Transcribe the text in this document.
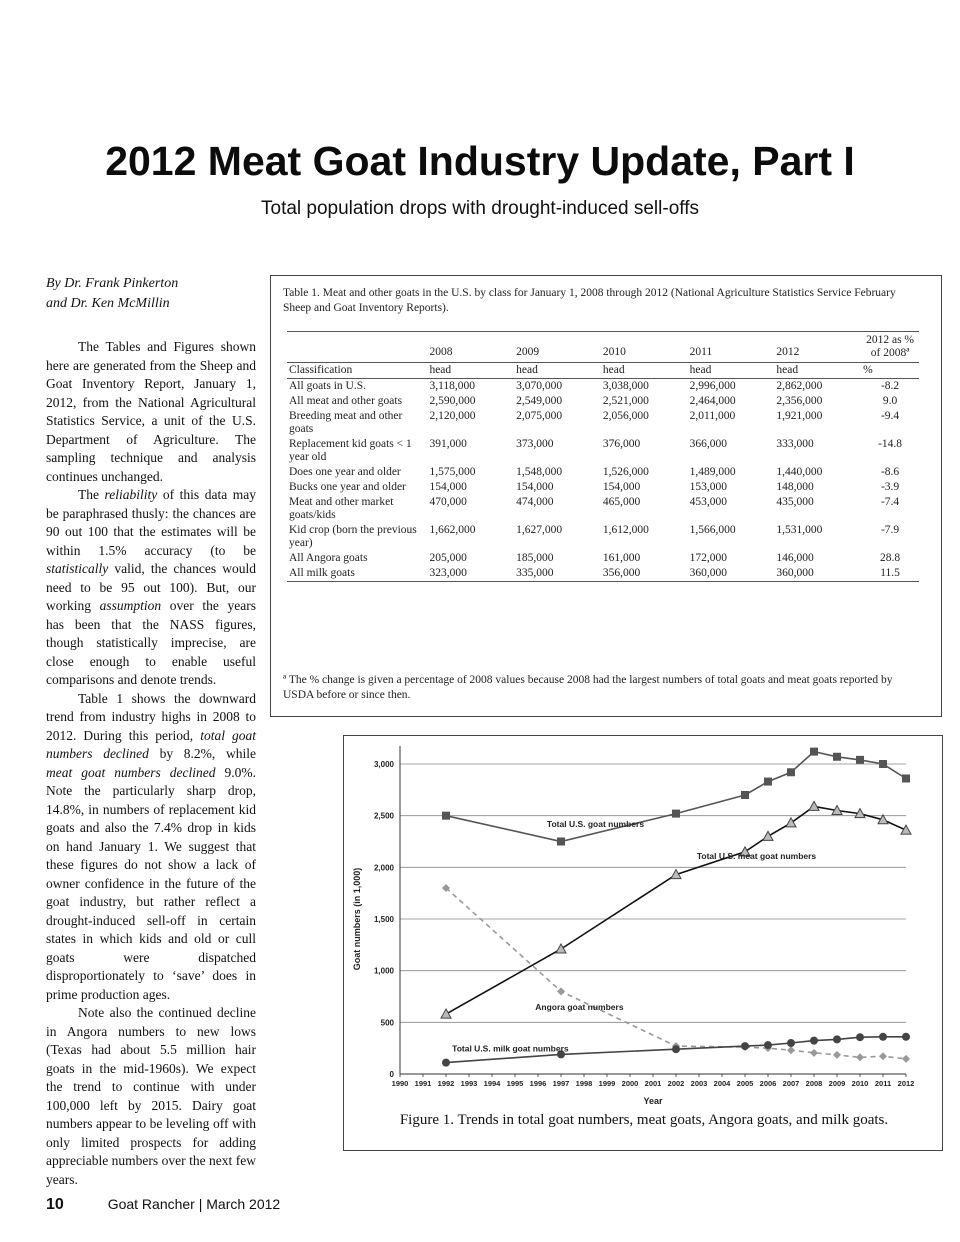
2012 Meat Goat Industry Update, Part I
Total population drops with drought-induced sell-offs
By Dr. Frank Pinkerton
and Dr. Ken McMillin

The Tables and Figures shown here are generated from the Sheep and Goat Inventory Report, January 1, 2012, from the National Agricultural Statistics Service, a unit of the U.S. Department of Agriculture. The sampling technique and analysis continues unchanged.

The reliability of this data may be paraphrased thusly: the chances are 90 out 100 that the estimates will be within 1.5% accuracy (to be statistically valid, the chances would need to be 95 out 100). But, our working assumption over the years has been that the NASS figures, though statistically imprecise, are close enough to enable useful comparisons and denote trends.

Table 1 shows the downward trend from industry highs in 2008 to 2012. During this period, total goat numbers declined by 8.2%, while meat goat numbers declined 9.0%. Note the particularly sharp drop, 14.8%, in numbers of replacement kid goats and also the 7.4% drop in kids on hand January 1. We suggest that these figures do not show a lack of owner confidence in the future of the goat industry, but rather reflect a drought-induced sell-off in certain states in which kids and old or cull goats were dispatched disproportionately to ‘save’ does in prime production ages.

Note also the continued decline in Angora numbers to new lows (Texas had about 5.5 million hair goats in the mid-1960s). We expect the trend to continue with under 100,000 left by 2015. Dairy goat numbers appear to be leveling off with only limited prospects for adding appreciable numbers over the next few years.

Table 1. Meat and other goats in the U.S. by class for January 1, 2008 through 2012 (National Agriculture Statistics Service February Sheep and Goat Inventory Reports).
	2008	2009	2010	2011	2012	2012 as % of 2008ª
Classification	head	head	head	head	head	%
All goats in U.S.	3,118,000	3,070,000	3,038,000	2,996,000	2,862,000	-8.2
All meat and other goats	2,590,000	2,549,000	2,521,000	2,464,000	2,356,000	9.0
Breeding meat and other goats	2,120,000	2,075,000	2,056,000	2,011,000	1,921,000	-9.4
Replacement kid goats < 1 year old	391,000	373,000	376,000	366,000	333,000	-14.8
Does one year and older	1,575,000	1,548,000	1,526,000	1,489,000	1,440,000	-8.6
Bucks one year and older	154,000	154,000	154,000	153,000	148,000	-3.9
Meat and other market goats/kids	470,000	474,000	465,000	453,000	435,000	-7.4
Kid crop (born the previous year)	1,662,000	1,627,000	1,612,000	1,566,000	1,531,000	-7.9
All Angora goats	205,000	185,000	161,000	172,000	146,000	28.8
All milk goats	323,000	335,000	356,000	360,000	360,000	11.5
ª The % change is given a percentage of 2008 values because 2008 had the largest numbers of total goats and meat goats reported by USDA before or since then.
0
500
1,000
1,500
2,000
2,500
3,000
1990 1991 1992 1993 1994 1995 1996 1997 1998 1999 2000 2001 2002 2003 2004 2005 2006 2007 2008 2009 2010 2011 2012
Year
Goat numbers (in 1,000)
Total U.S. goat numbers
Total U.S. meat goat numbers
Angora goat numbers
Total U.S. milk goat numbers
Figure 1. Trends in total goat numbers, meat goats, Angora goats, and milk goats.
10	Goat Rancher | March 2012
